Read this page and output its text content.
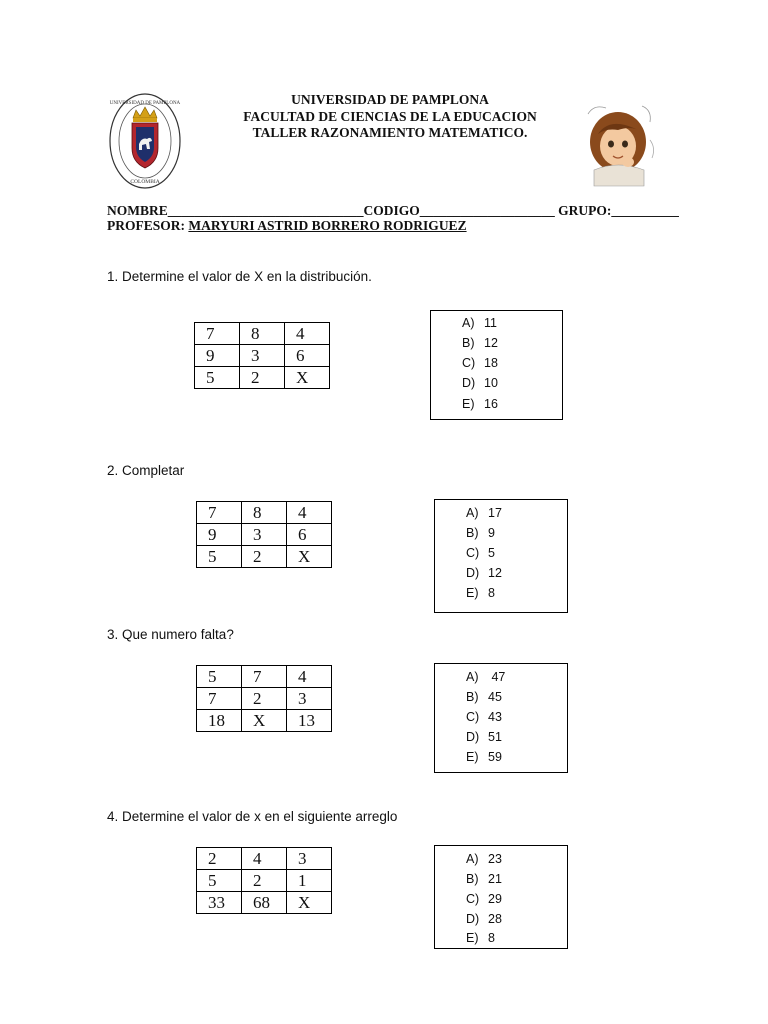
UNIVERSIDAD DE PAMPLONA
FACULTAD DE CIENCIAS DE LA EDUCACION
TALLER RAZONAMIENTO MATEMATICO.
UNIVERSIDAD DE PAMPLONA
COLOMBIA
NOMBRE_____________________________CODIGO____________________ GRUPO:__________
PROFESOR: MARYURI ASTRID BORRERO RODRIGUEZ
1. Determine el valor de X en la distribución.
7	8	4
9	3	6
5	2	X
A) 11
B) 12
C) 18
D) 10
E) 16
2. Completar
7	8	4
9	3	6
5	2	X
A) 17
B) 9
C) 5
D) 12
E) 8
3. Que numero falta?
5	7	4
7	2	3
18	X	13
A) 47
B) 45
C) 43
D) 51
E) 59
4. Determine el valor de x en el siguiente arreglo
2	4	3
5	2	1
33	68	X
A) 23
B) 21
C) 29
D) 28
E) 8
